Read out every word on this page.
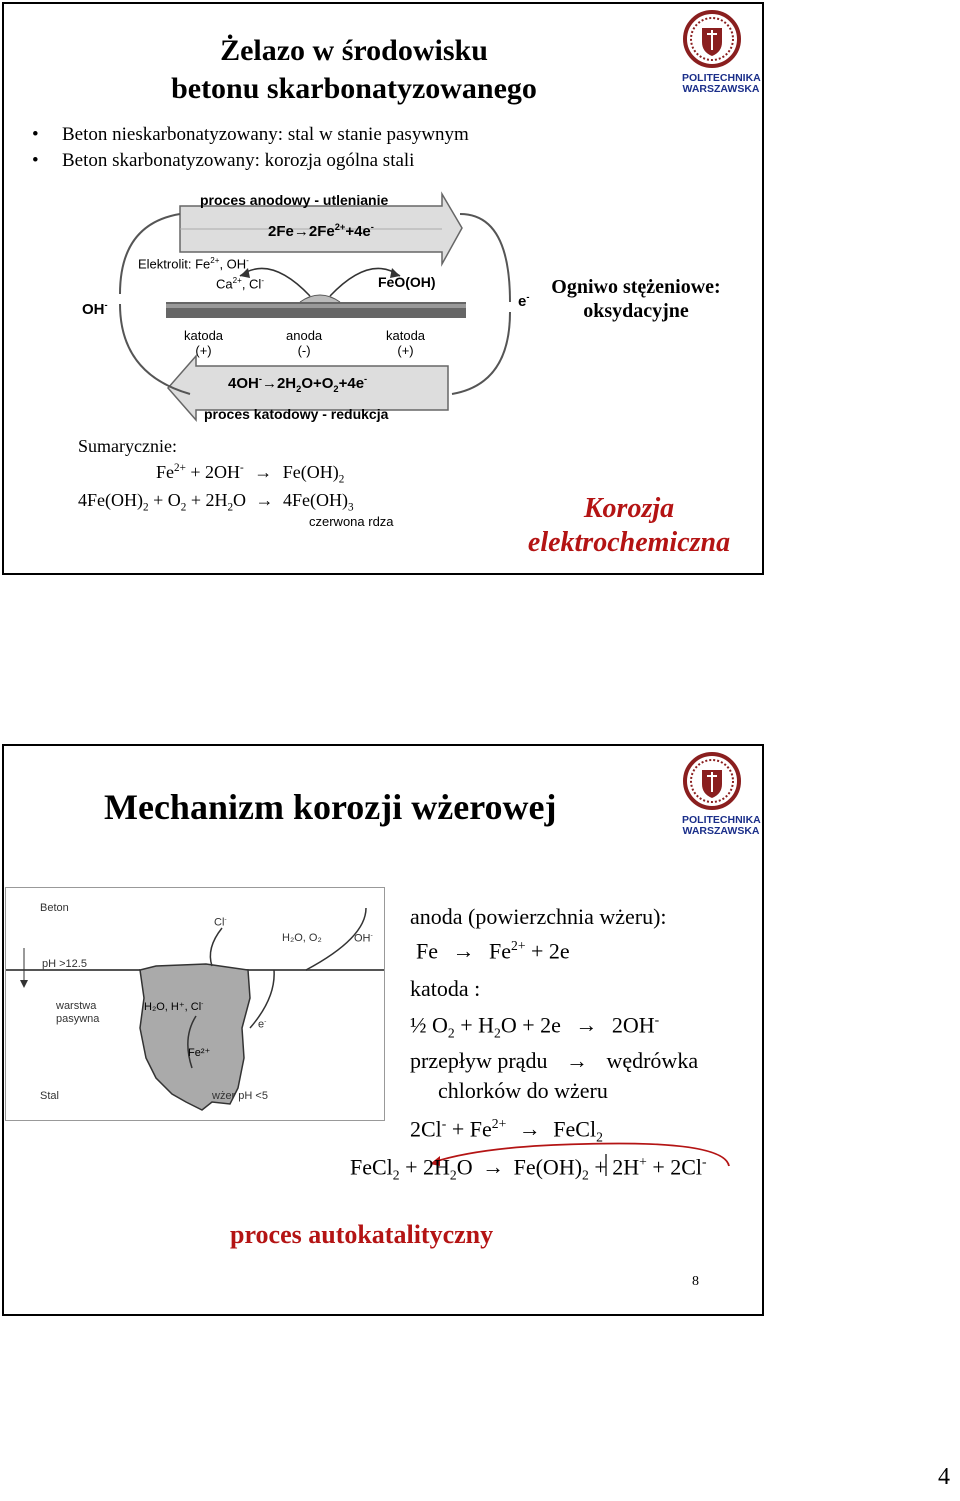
Żelazo w środowisku
betonu skarbonatyzowanego	POLITECHNIKA
WARSZAWSKA
• Beton nieskarbonatyzowany: stal w stanie pasywnym
• Beton skarbonatyzowany: korozja ogólna stali
proces anodowy - utlenianie
$2Fe\to 2Fe^{2+}+4e^-$
Elektrolit: $Fe^{2+}$, OH-
$Ca^{2+}$, Cl-	FeO(OH)
OH-	e-
katoda
(+)
anoda
(-)
katoda
(+)
$4OH^-\to 2H_2O+O_2+4e^-$
proces katodowy - redukcja
Ogniwo stężeniowe:
oksydacyjne
Sumarycznie:
$Fe^{2+} + 2OH^- \to Fe(OH)_2$
$4Fe(OH)_2 + O_2 + 2H_2O \to 4Fe(OH)_3$
czerwona rdza	Korozja
elektrochemiczna
Mechanizm korozji wżerowej	POLITECHNIKA
WARSZAWSKA
Beton
Cl-
H₂O, O₂	OH-
pH >12.5
warstwa
pasywna
H₂O, H⁺, Cl-
e-
Fe²⁺
Stal	wżer pH <5
anoda (powierzchnia wżeru):
$Fe \to Fe^{2+} + 2e$
katoda :
½ $O_2 + H_2O + 2e \to 2OH^-$
przepływ prądu → wędrówka
chlorków do wżeru
$2Cl^- + Fe^{2+}$ → FeCl$_2$
FeCl$_2$ + $2H_2O \to Fe(OH)_2 + 2H^+ + 2Cl^-$
proces autokatalityczny
8
4
